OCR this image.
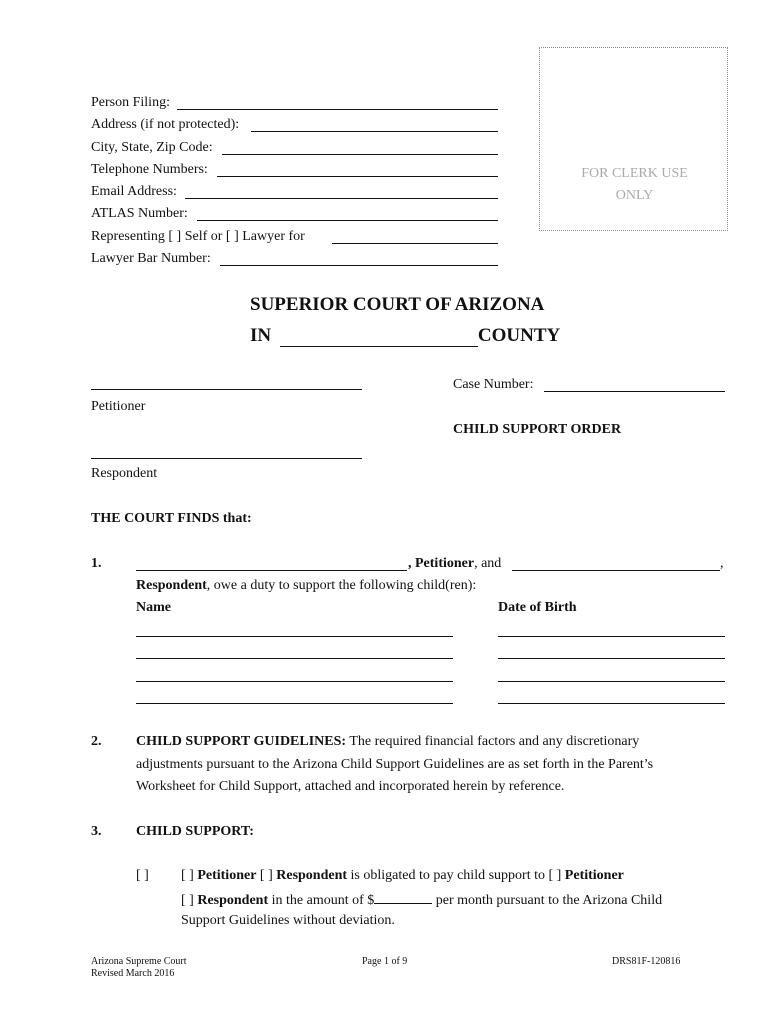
Person Filing:
Address (if not protected):
City, State, Zip Code:
Telephone Numbers:
Email Address:
ATLAS Number:
Representing [ ] Self or [ ] Lawyer for
Lawyer Bar Number:
FOR CLERK USE
ONLY
SUPERIOR COURT OF ARIZONA
IN	COUNTY
Petitioner
Respondent
Case Number:
CHILD SUPPORT ORDER
THE COURT FINDS that:
1.	, Petitioner, and	,
Respondent, owe a duty to support the following child(ren):
Name	Date of Birth
2. CHILD SUPPORT GUIDELINES: The required financial factors and any discretionary
adjustments pursuant to the Arizona Child Support Guidelines are as set forth in the Parent’s
Worksheet for Child Support, attached and incorporated herein by reference.
3. CHILD SUPPORT:
[ ] [ ] Petitioner [ ] Respondent is obligated to pay child support to [ ] Petitioner
[ ] Respondent in the amount of $	per month pursuant to the Arizona Child
Support Guidelines without deviation.
Arizona Supreme Court
Revised March 2016
Page 1 of 9	DRS81F-120816
